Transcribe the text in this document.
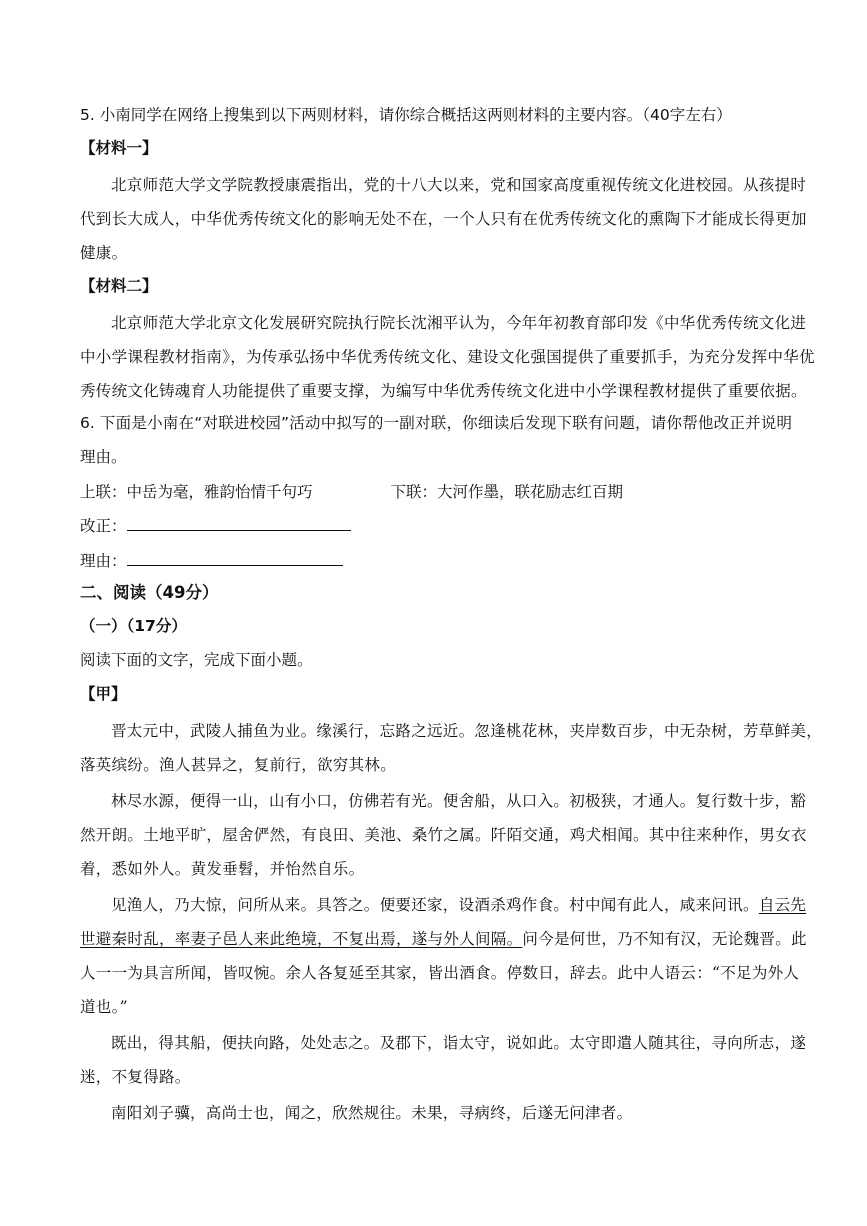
5. 小南同学在网络上搜集到以下两则材料，请你综合概括这两则材料的主要内容。（40字左右）
【材料一】
北京师范大学文学院教授康震指出，党的十八大以来，党和国家高度重视传统文化进校园。从孩提时
代到长大成人，中华优秀传统文化的影响无处不在，一个人只有在优秀传统文化的熏陶下才能成长得更加
健康。
【材料二】
北京师范大学北京文化发展研究院执行院长沈湘平认为，今年年初教育部印发《中华优秀传统文化进
中小学课程教材指南》，为传承弘扬中华优秀传统文化、建设文化强国提供了重要抓手，为充分发挥中华优
秀传统文化铸魂育人功能提供了重要支撑，为编写中华优秀传统文化进中小学课程教材提供了重要依据。
6. 下面是小南在“对联进校园”活动中拟写的一副对联，你细读后发现下联有问题，请你帮他改正并说明
理由。
上联：中岳为毫，雅韵怡情千句巧	下联：大河作墨，联花励志红百期
改正：
理由：
二、阅读（49分）
（一）（17分）
阅读下面的文字，完成下面小题。
【甲】
晋太元中，武陵人捕鱼为业。缘溪行，忘路之远近。忽逢桃花林，夹岸数百步，中无杂树，芳草鲜美，
落英缤纷。渔人甚异之，复前行，欲穷其林。
林尽水源，便得一山，山有小口，仿佛若有光。便舍船，从口入。初极狭，才通人。复行数十步，豁
然开朗。土地平旷，屋舍俨然，有良田、美池、桑竹之属。阡陌交通，鸡犬相闻。其中往来种作，男女衣
着，悉如外人。黄发垂髫，并怡然自乐。
见渔人，乃大惊，问所从来。具答之。便要还家，设酒杀鸡作食。村中闻有此人，咸来问讯。自云先
世避秦时乱，率妻子邑人来此绝境，不复出焉，遂与外人间隔。问今是何世，乃不知有汉，无论魏晋。此
人一一为具言所闻，皆叹惋。余人各复延至其家，皆出酒食。停数日，辞去。此中人语云：“不足为外人
道也。”
既出，得其船，便扶向路，处处志之。及郡下，诣太守，说如此。太守即遣人随其往，寻向所志，遂
迷，不复得路。
南阳刘子骥，高尚士也，闻之，欣然规往。未果，寻病终，后遂无问津者。
